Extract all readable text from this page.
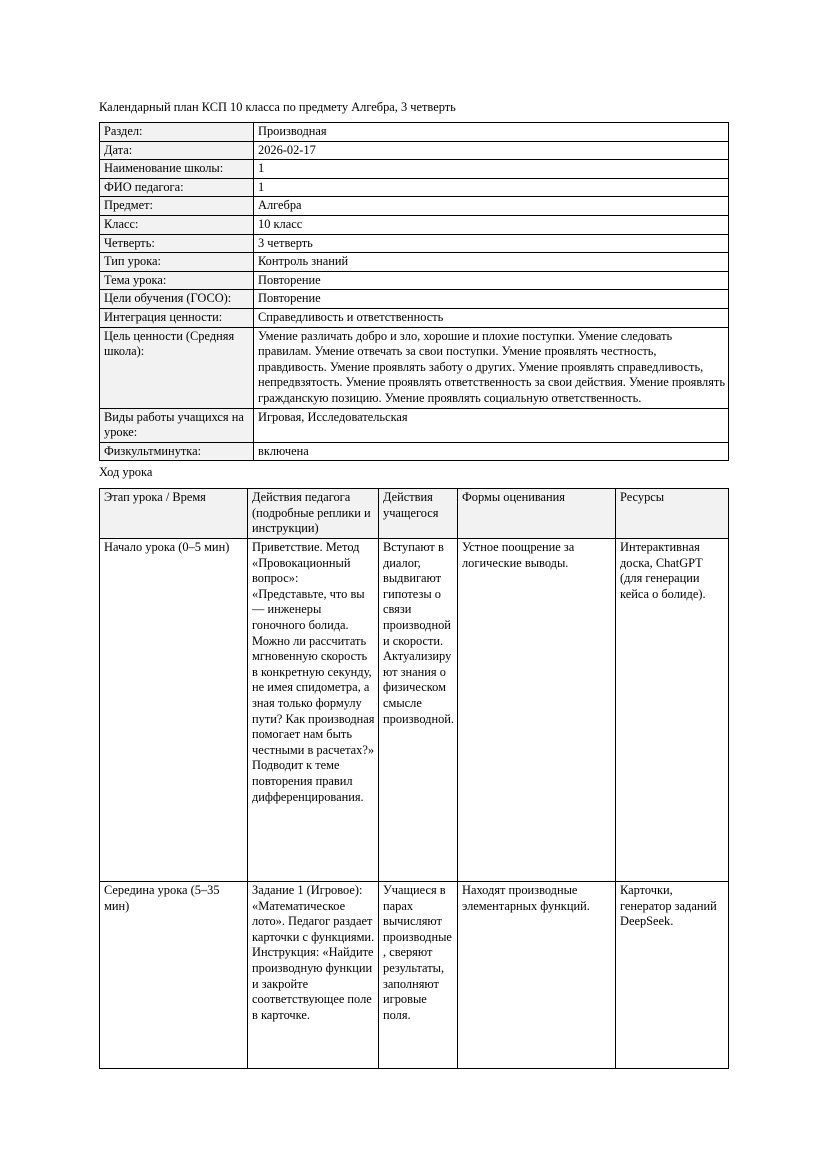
Календарный план КСП 10 класса по предмету Алгебра, 3 четверть
Раздел:	Производная
Дата:	2026-02-17
Наименование школы:	1
ФИО педагога:	1
Предмет:	Алгебра
Класс:	10 класс
Четверть:	3 четверть
Тип урока:	Контроль знаний
Тема урока:	Повторение
Цели обучения (ГОСО):	Повторение
Интеграция ценности:	Справедливость и ответственность
Цель ценности (Средняя школа):	Умение различать добро и зло, хорошие и плохие поступки. Умение следовать правилам. Умение отвечать за свои поступки. Умение проявлять честность, правдивость. Умение проявлять заботу о других. Умение проявлять справедливость, непредвзятость. Умение проявлять ответственность за свои действия. Умение проявлять гражданскую позицию. Умение проявлять социальную ответственность.
Виды работы учащихся на уроке:	Игровая, Исследовательская
Физкультминутка:	включена
Ход урока
Этап урока / Время	Действия педагога (подробные реплики и инструкции)	Действия учащегося	Формы оценивания	Ресурсы
Начало урока (0–5 мин)	Приветствие. Метод «Провокационный вопрос»: «Представьте, что вы — инженеры гоночного болида. Можно ли рассчитать мгновенную скорость в конкретную секунду, не имея спидометра, а зная только формулу пути? Как производная помогает нам быть честными в расчетах?» Подводит к теме повторения правил дифференцирования.	Вступают в диалог, выдвигают гипотезы о связи производной и скорости. Актуализируют знания о физическом смысле производной.	Устное поощрение за логические выводы.	Интерактивная доска, ChatGPT (для генерации кейса о болиде).
Середина урока (5–35 мин)	Задание 1 (Игровое): «Математическое лото». Педагог раздает карточки с функциями. Инструкция: «Найдите производную функции и закройте соответствующее поле в карточке.	Учащиеся в парах вычисляют производные, сверяют результаты, заполняют игровые поля.	Находят производные элементарных функций.	Карточки, генератор заданий DeepSeek.
